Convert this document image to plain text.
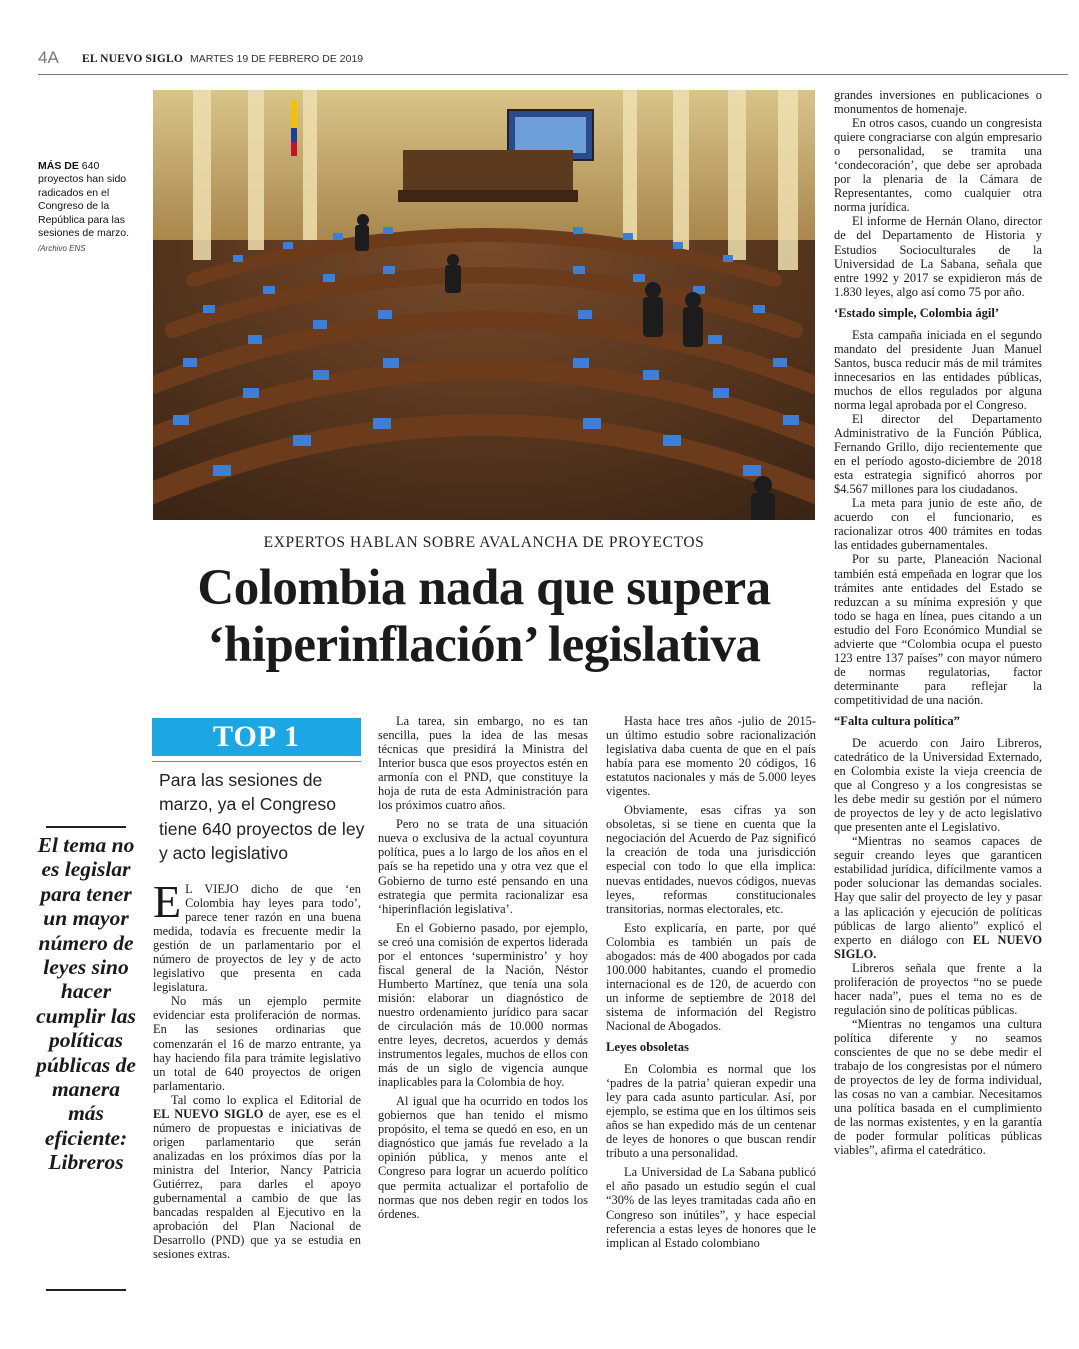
4A EL NUEVO SIGLO MARTES 19 DE FEBRERO DE 2019
MÁS DE 640 proyectos han sido radicados en el Congreso de la República para las sesiones de marzo.
/Archivo ENS
EXPERTOS HABLAN SOBRE AVALANCHA DE PROYECTOS
Colombia nada que supera
‘hiperinflación’ legislativa
TOP 1
Para las sesiones de marzo, ya el Congreso tiene 640 proyectos de ley y acto legislativo
El tema no es legislar para tener un mayor número de leyes sino hacer cumplir las políticas públicas de manera más eficiente: Libreros

E L VIEJO dicho de que ‘en Colombia hay leyes para todo’, parece tener razón en una buena medida, todavía es frecuente medir la gestión de un parlamentario por el número de proyectos de ley y de acto legislativo que presenta en cada legislatura.

No más un ejemplo permite evidenciar esta proliferación de normas. En las sesiones ordinarias que comenzarán el 16 de marzo entrante, ya hay haciendo fila para trámite legislativo un total de 640 proyectos de origen parlamentario.

Tal como lo explica el Editorial de EL NUEVO SIGLO de ayer, ese es el número de propuestas e iniciativas de origen parlamentario que serán analizadas en los próximos días por la ministra del Interior, Nancy Patricia Gutiérrez, para darles el apoyo gubernamental a cambio de que las bancadas respalden al Ejecutivo en la aprobación del Plan Nacional de Desarrollo (PND) que ya se estudia en sesiones extras.

La tarea, sin embargo, no es tan sencilla, pues la idea de las mesas técnicas que presidirá la Ministra del Interior busca que esos proyectos estén en armonía con el PND, que constituye la hoja de ruta de esta Administración para los próximos cuatro años.

Pero no se trata de una situación nueva o exclusiva de la actual coyuntura política, pues a lo largo de los años en el país se ha repetido una y otra vez que el Gobierno de turno esté pensando en una estrategia que permita racionalizar esa ‘hiperinflación legislativa’.

En el Gobierno pasado, por ejemplo, se creó una comisión de expertos liderada por el entonces ‘superministro’ y hoy fiscal general de la Nación, Néstor Humberto Martínez, que tenía una sola misión: elaborar un diagnóstico de nuestro ordenamiento jurídico para sacar de circulación más de 10.000 normas entre leyes, decretos, acuerdos y demás instrumentos legales, muchos de ellos con más de un siglo de vigencia aunque inaplicables para la Colombia de hoy.

Al igual que ha ocurrido en todos los gobiernos que han tenido el mismo propósito, el tema se quedó en eso, en un diagnóstico que jamás fue revelado a la opinión pública, y menos ante el Congreso para lograr un acuerdo político que permita actualizar el portafolio de normas que nos deben regir en todos los órdenes.

Hasta hace tres años -julio de 2015- un último estudio sobre racionalización legislativa daba cuenta de que en el país había para ese momento 20 códigos, 16 estatutos nacionales y más de 5.000 leyes vigentes.

Obviamente, esas cifras ya son obsoletas, si se tiene en cuenta que la negociación del Acuerdo de Paz significó la creación de toda una jurisdicción especial con todo lo que ella implica: nuevas entidades, nuevos códigos, nuevas leyes, reformas constitucionales transitorias, normas electorales, etc.

Esto explicaría, en parte, por qué Colombia es también un país de abogados: más de 400 abogados por cada 100.000 habitantes, cuando el promedio internacional es de 120, de acuerdo con un informe de septiembre de 2018 del sistema de información del Registro Nacional de Abogados.

Leyes obsoletas

En Colombia es normal que los ‘padres de la patria’ quieran expedir una ley para cada asunto particular. Así, por ejemplo, se estima que en los últimos seis años se han expedido más de un centenar de leyes de honores o que buscan rendir tributo a una personalidad.

La Universidad de La Sabana publicó el año pasado un estudio según el cual “30% de las leyes tramitadas cada año en Congreso son inútiles”, y hace especial referencia a estas leyes de honores que le implican al Estado colombiano

grandes inversiones en publicaciones o monumentos de homenaje.

En otros casos, cuando un congresista quiere congraciarse con algún empresario o personalidad, se tramita una ‘condecoración’, que debe ser aprobada por la plenaria de la Cámara de Representantes, como cualquier otra norma jurídica.

El informe de Hernán Olano, director de del Departamento de Historia y Estudios Socioculturales de la Universidad de La Sabana, señala que entre 1992 y 2017 se expidieron más de 1.830 leyes, algo así como 75 por año.

‘Estado simple, Colombia ágil’

Esta campaña iniciada en el segundo mandato del presidente Juan Manuel Santos, busca reducir más de mil trámites innecesarios en las entidades públicas, muchos de ellos regulados por alguna norma legal aprobada por el Congreso.

El director del Departamento Administrativo de la Función Pública, Fernando Grillo, dijo recientemente que en el período agosto-diciembre de 2018 esta estrategia significó ahorros por $4.567 millones para los ciudadanos.

La meta para junio de este año, de acuerdo con el funcionario, es racionalizar otros 400 trámites en todas las entidades gubernamentales.

Por su parte, Planeación Nacional también está empeñada en lograr que los trámites ante entidades del Estado se reduzcan a su mínima expresión y que todo se haga en línea, pues citando a un estudio del Foro Económico Mundial se advierte que “Colombia ocupa el puesto 123 entre 137 países” con mayor número de normas regulatorias, factor determinante para reflejar la competitividad de una nación.

“Falta cultura política”

De acuerdo con Jairo Libreros, catedrático de la Universidad Externado, en Colombia existe la vieja creencia de que al Congreso y a los congresistas se les debe medir su gestión por el número de proyectos de ley y de acto legislativo que presenten ante el Legislativo.

“Mientras no seamos capaces de seguir creando leyes que garanticen estabilidad jurídica, difícilmente vamos a poder solucionar las demandas sociales. Hay que salir del proyecto de ley y pasar a las aplicación y ejecución de políticas públicas de largo aliento” explicó el experto en diálogo con EL NUEVO SIGLO.

Libreros señala que frente a la proliferación de proyectos “no se puede hacer nada”, pues el tema no es de regulación sino de políticas públicas.

“Mientras no tengamos una cultura política diferente y no seamos conscientes de que no se debe medir el trabajo de los congresistas por el número de proyectos de ley de forma individual, las cosas no van a cambiar. Necesitamos una política basada en el cumplimiento de las normas existentes, y en la garantía de poder formular políticas públicas viables”, afirma el catedrático.
